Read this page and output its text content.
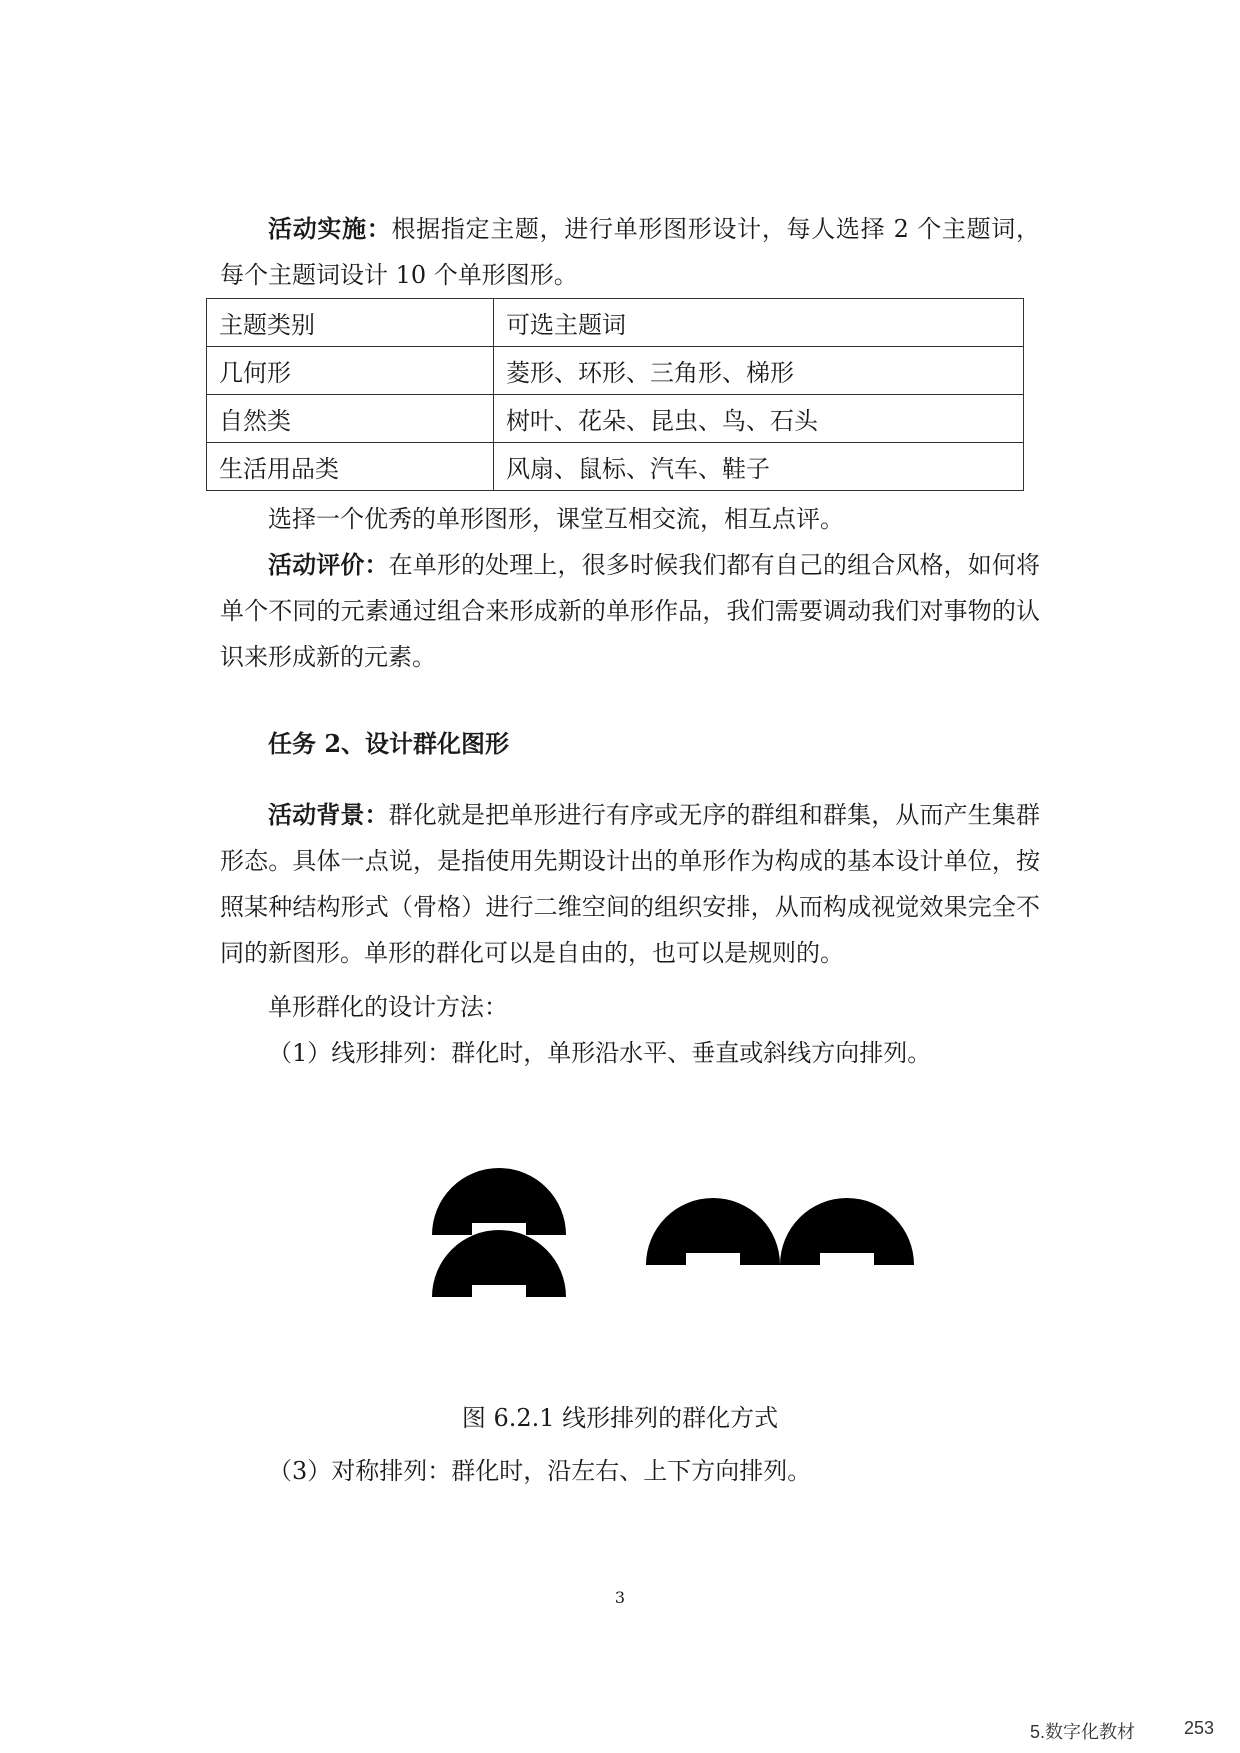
活动实施：根据指定主题，进行单形图形设计，每人选择 2 个主题词，每个主题词设计 10 个单形图形。

主题类别	可选主题词
几何形	菱形、环形、三角形、梯形
自然类	树叶、花朵、昆虫、鸟、石头
生活用品类	风扇、鼠标、汽车、鞋子

选择一个优秀的单形图形，课堂互相交流，相互点评。

活动评价：在单形的处理上，很多时候我们都有自己的组合风格，如何将单个不同的元素通过组合来形成新的单形作品，我们需要调动我们对事物的认识来形成新的元素。

任务 2、设计群化图形

活动背景：群化就是把单形进行有序或无序的群组和群集，从而产生集群形态。具体一点说，是指使用先期设计出的单形作为构成的基本设计单位，按照某种结构形式（骨格）进行二维空间的组织安排，从而构成视觉效果完全不同的新图形。单形的群化可以是自由的，也可以是规则的。

单形群化的设计方法：

（1）线形排列：群化时，单形沿水平、垂直或斜线方向排列。

图 6.2.1 线形排列的群化方式

（3）对称排列：群化时，沿左右、上下方向排列。

3
5.数字化教材	253
